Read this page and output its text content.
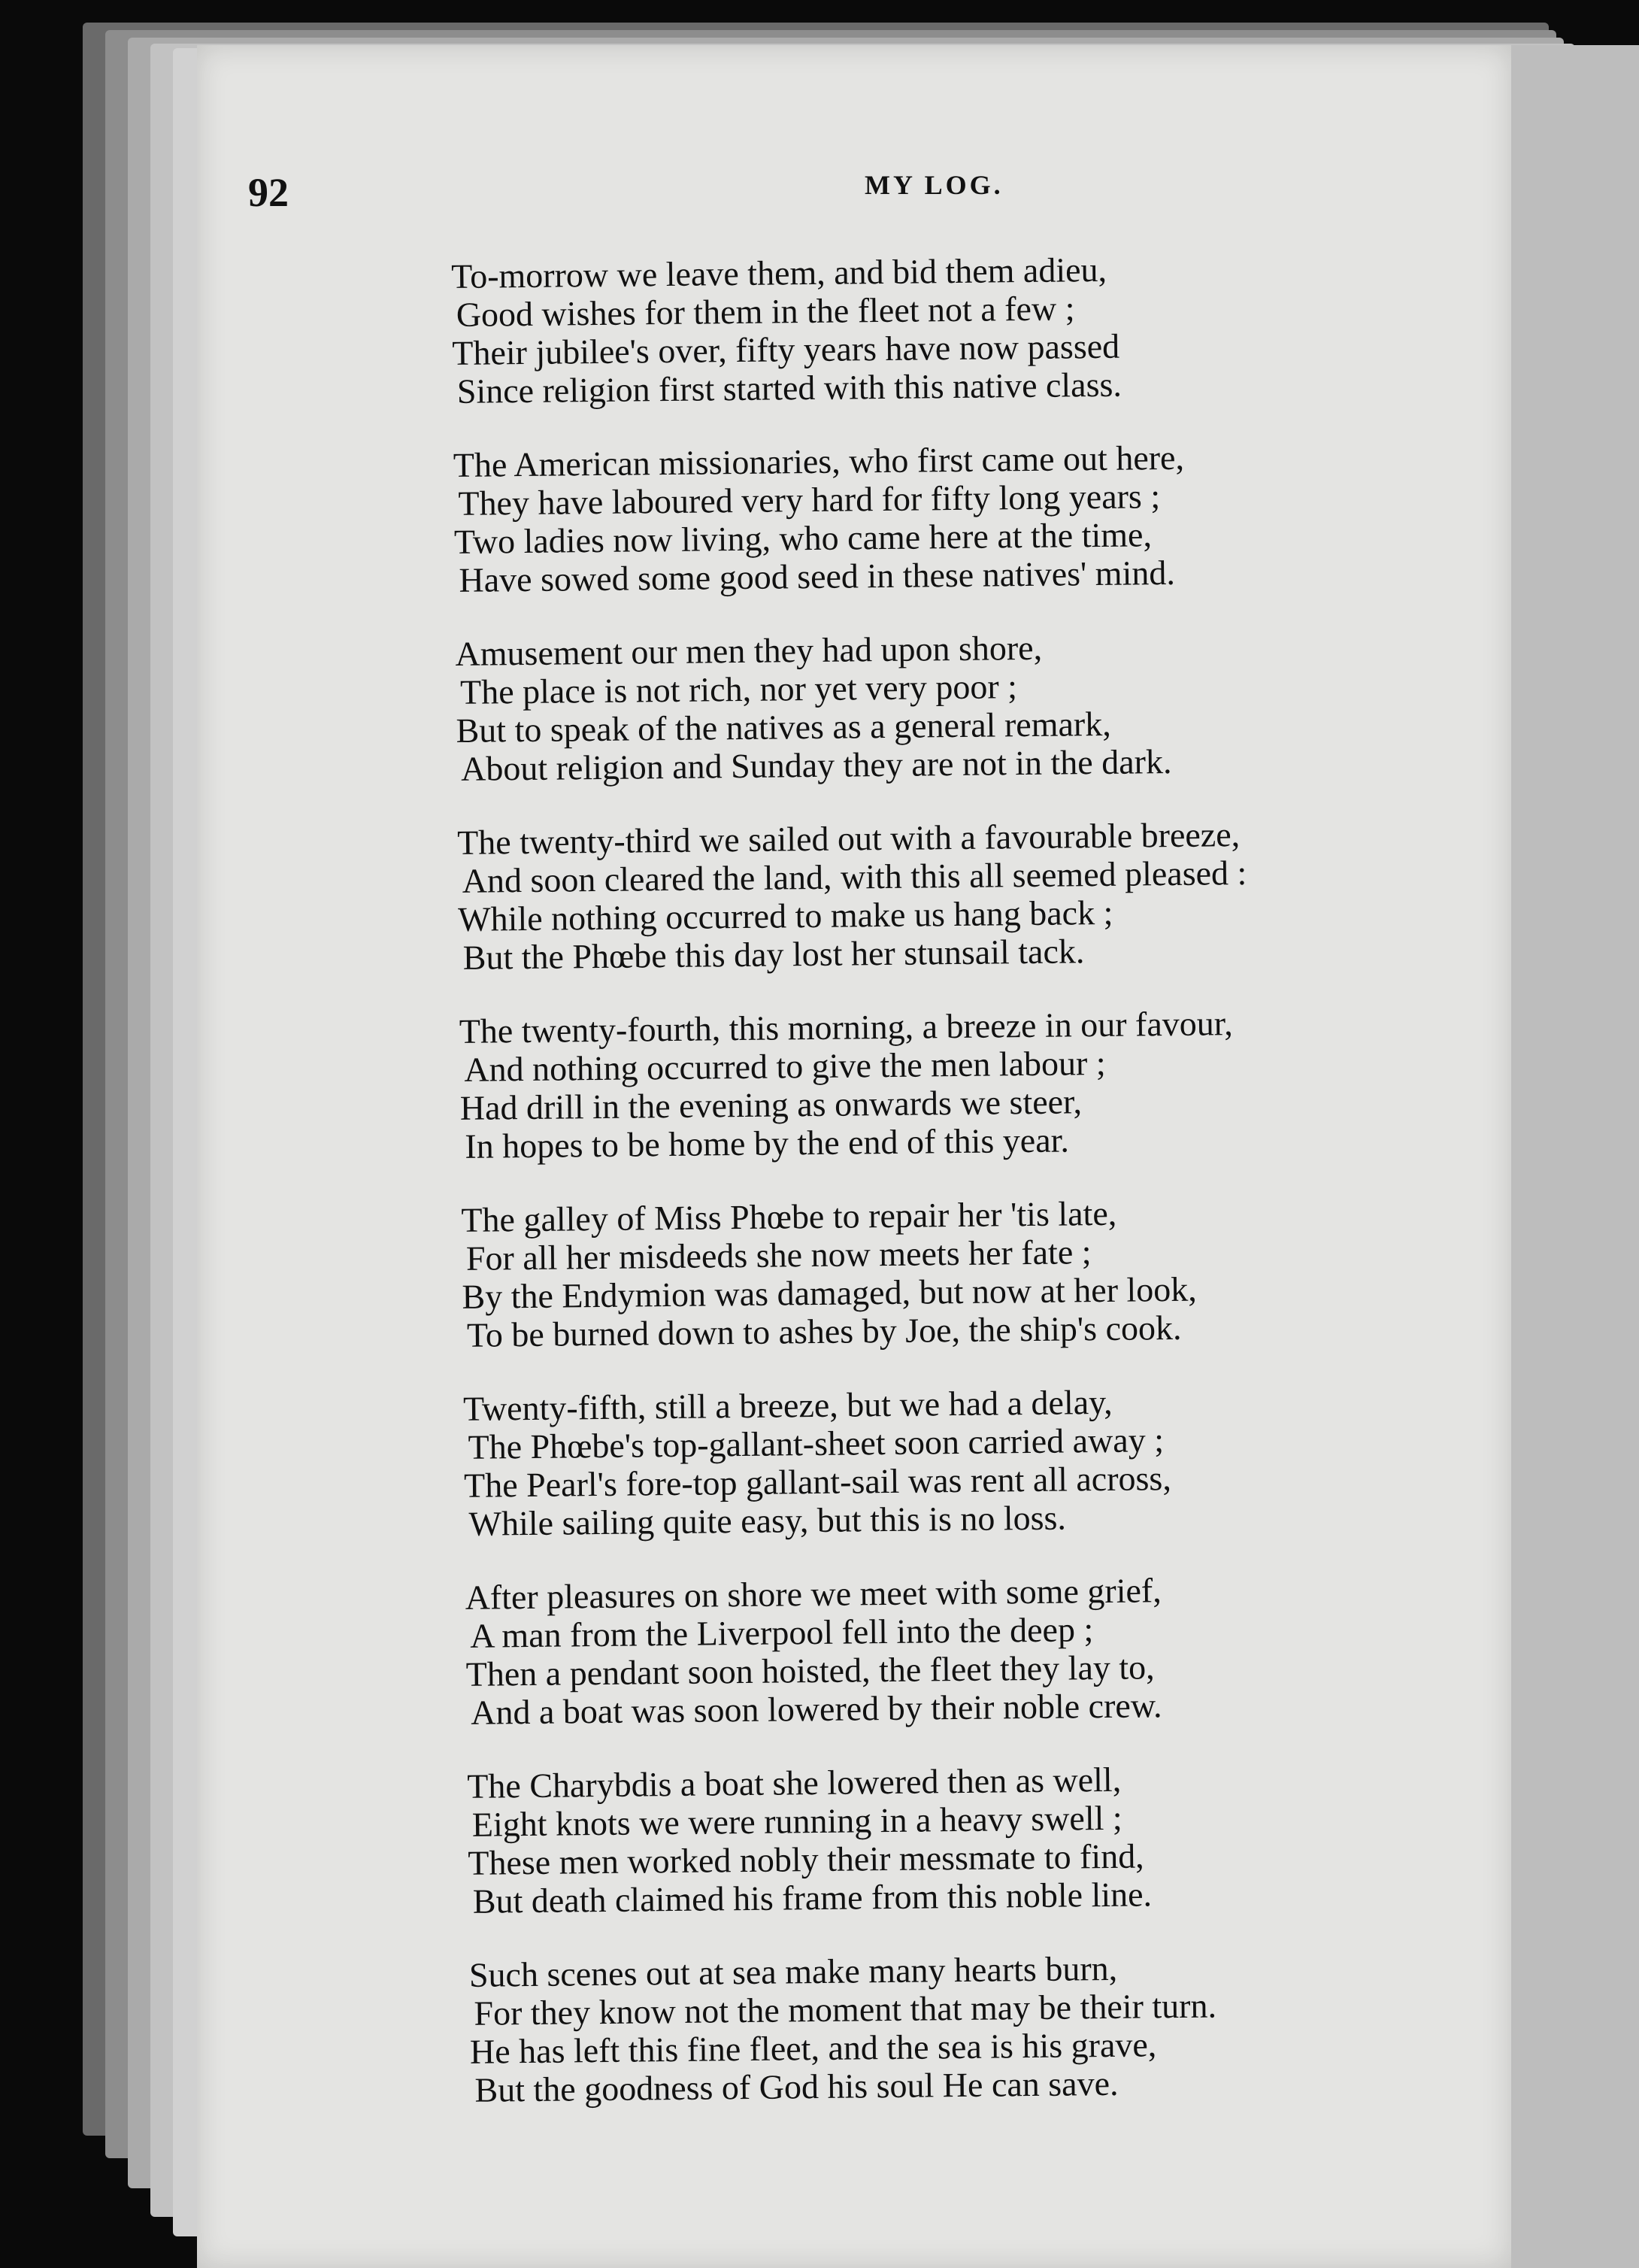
92	MY LOG.
To-morrow we leave them, and bid them adieu,
Good wishes for them in the fleet not a few ;
Their jubilee's over, fifty years have now passed
Since religion first started with this native class.
The American missionaries, who first came out here,
They have laboured very hard for fifty long years ;
Two ladies now living, who came here at the time,
Have sowed some good seed in these natives' mind.
Amusement our men they had upon shore,
The place is not rich, nor yet very poor ;
But to speak of the natives as a general remark,
About religion and Sunday they are not in the dark.
The twenty-third we sailed out with a favourable breeze,
And soon cleared the land, with this all seemed pleased :
While nothing occurred to make us hang back ;
But the Phœbe this day lost her stunsail tack.
The twenty-fourth, this morning, a breeze in our favour,
And nothing occurred to give the men labour ;
Had drill in the evening as onwards we steer,
In hopes to be home by the end of this year.
The galley of Miss Phœbe to repair her 'tis late,
For all her misdeeds she now meets her fate ;
By the Endymion was damaged, but now at her look,
To be burned down to ashes by Joe, the ship's cook.
Twenty-fifth, still a breeze, but we had a delay,
The Phœbe's top-gallant-sheet soon carried away ;
The Pearl's fore-top gallant-sail was rent all across,
While sailing quite easy, but this is no loss.
After pleasures on shore we meet with some grief,
A man from the Liverpool fell into the deep ;
Then a pendant soon hoisted, the fleet they lay to,
And a boat was soon lowered by their noble crew.
The Charybdis a boat she lowered then as well,
Eight knots we were running in a heavy swell ;
These men worked nobly their messmate to find,
But death claimed his frame from this noble line.
Such scenes out at sea make many hearts burn,
For they know not the moment that may be their turn.
He has left this fine fleet, and the sea is his grave,
But the goodness of God his soul He can save.
